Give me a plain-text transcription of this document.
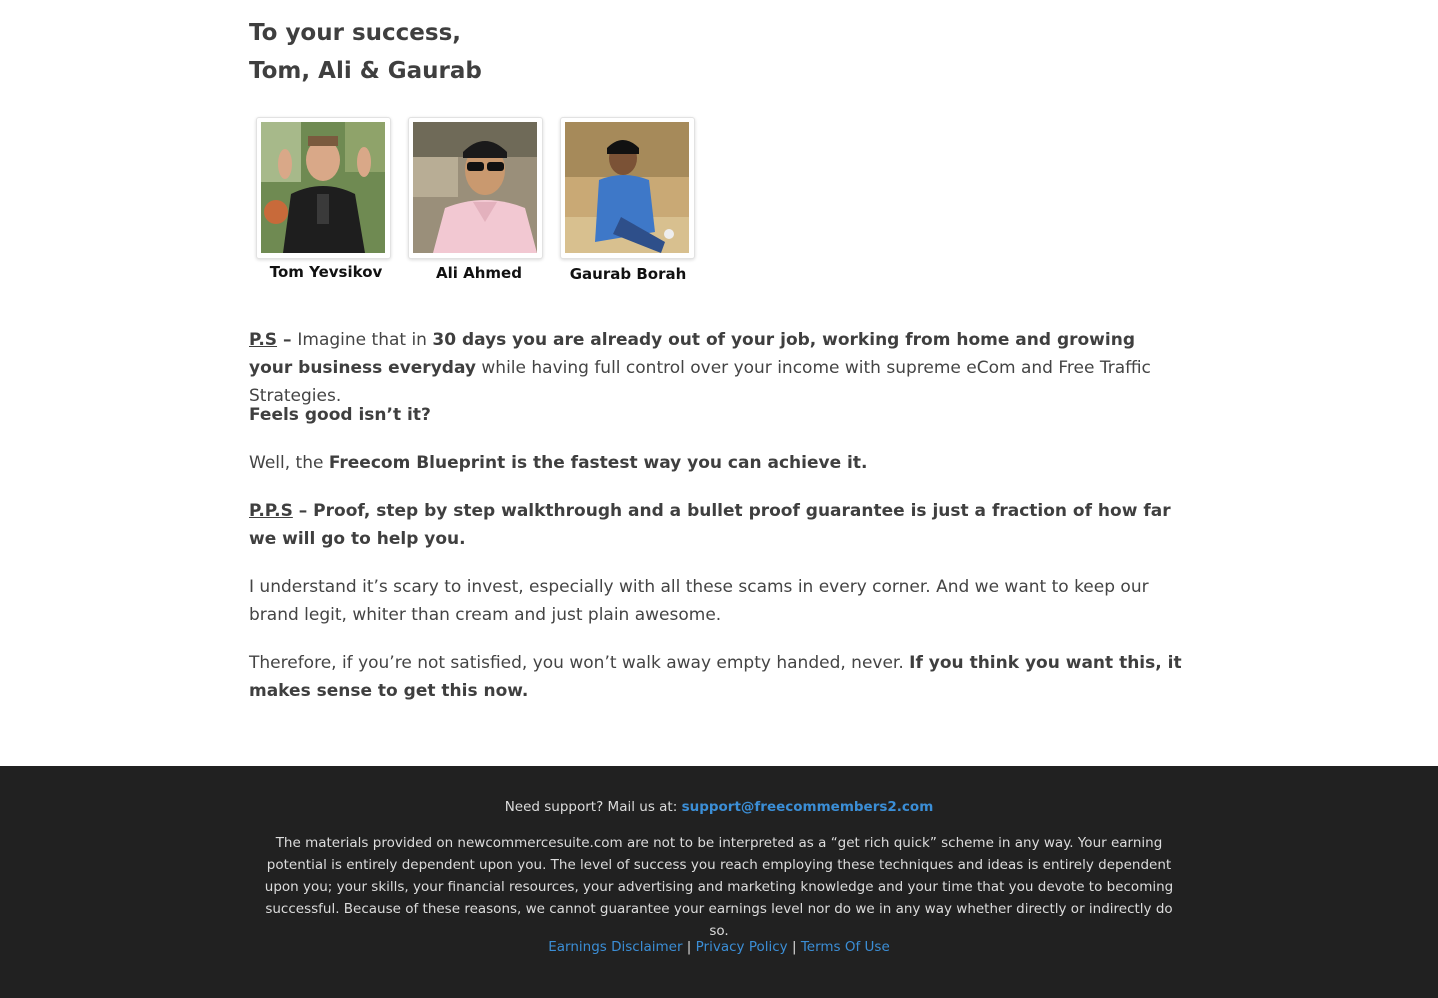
To your success,
Tom, Ali & Gaurab
Tom Yevsikov	Ali Ahmed	Gaurab Borah
P.S – Imagine that in 30 days you are already out of your job, working from home and growing your business everyday while having full control over your income with supreme eCom and Free Traffic Strategies.
Feels good isn’t it?
Well, the Freecom Blueprint is the fastest way you can achieve it.
P.P.S – Proof, step by step walkthrough and a bullet proof guarantee is just a fraction of how far we will go to help you.
I understand it’s scary to invest, especially with all these scams in every corner. And we want to keep our brand legit, whiter than cream and just plain awesome.
Therefore, if you’re not satisfied, you won’t walk away empty handed, never. If you think you want this, it makes sense to get this now.
Need support? Mail us at: support@freecommembers2.com
The materials provided on newcommercesuite.com are not to be interpreted as a “get rich quick” scheme in any way. Your earning potential is entirely dependent upon you. The level of success you reach employing these techniques and ideas is entirely dependent upon you; your skills, your financial resources, your advertising and marketing knowledge and your time that you devote to becoming successful. Because of these reasons, we cannot guarantee your earnings level nor do we in any way whether directly or indirectly do so.
Earnings Disclaimer | Privacy Policy | Terms Of Use
